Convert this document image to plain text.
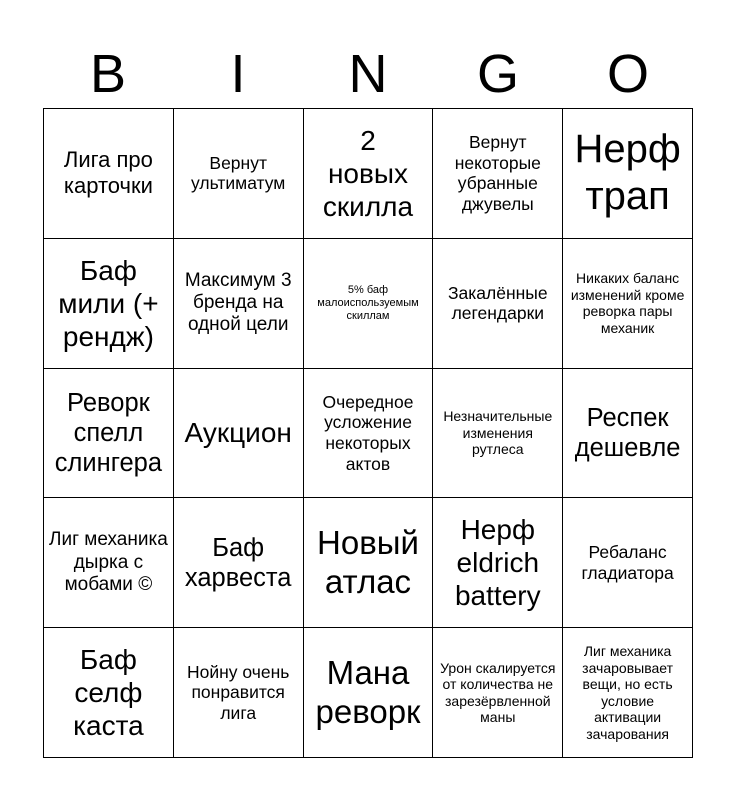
B	I	N	G	O
Лига про карточки
Вернут ультиматум
2 новых скилла
Вернут некоторые убранные джувелы
Нерф трап
Баф мили (+ рендж)
Максимум 3 бренда на одной цели
5% баф малоиспользуемым скиллам
Закалённые легендарки
Никаких баланс изменений кроме реворка пары механик
Реворк спелл слингера
Аукцион
Очередное усложение некоторых актов
Незначительные изменения рутлеса
Респек дешевле
Лиг механика дырка с мобами ©
Баф харвеста
Новый атлас
Нерф eldrich battery
Ребаланс гладиатора
Баф селф каста
Нойну очень понравится лига
Мана реворк
Урон скалируется от количества не зарезёрвленной маны
Лиг механика зачаровывает вещи, но есть условие активации зачарования
